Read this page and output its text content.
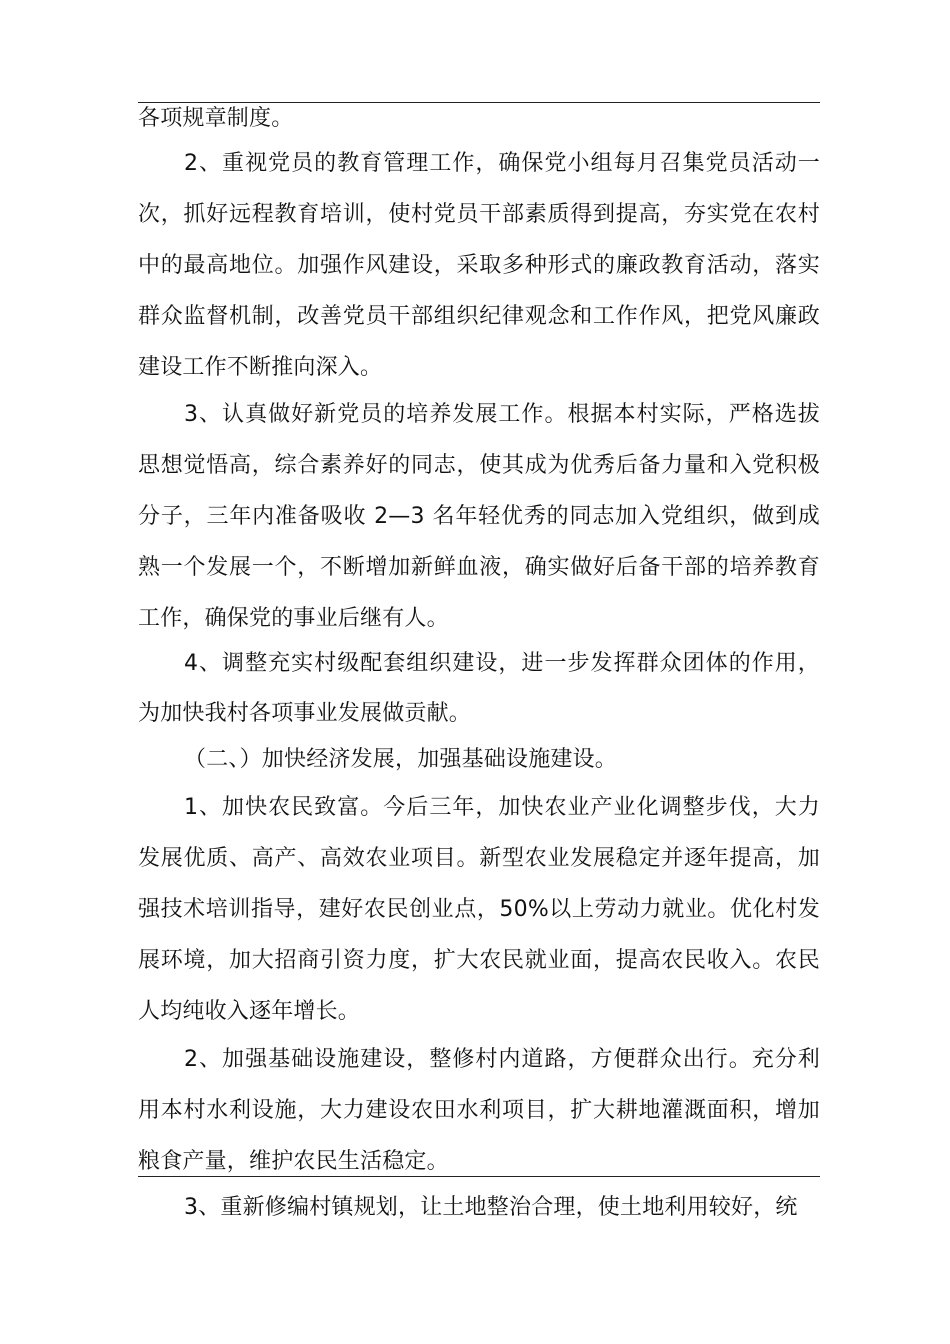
各项规章制度。
2、重视党员的教育管理工作，确保党小组每月召集党员活动一
次，抓好远程教育培训，使村党员干部素质得到提高，夯实党在农村
中的最高地位。加强作风建设，采取多种形式的廉政教育活动，落实
群众监督机制，改善党员干部组织纪律观念和工作作风，把党风廉政
建设工作不断推向深入。
3、认真做好新党员的培养发展工作。根据本村实际，严格选拔
思想觉悟高，综合素养好的同志，使其成为优秀后备力量和入党积极
分子，三年内准备吸收 2—3 名年轻优秀的同志加入党组织，做到成
熟一个发展一个，不断增加新鲜血液，确实做好后备干部的培养教育
工作，确保党的事业后继有人。
4、调整充实村级配套组织建设，进一步发挥群众团体的作用，
为加快我村各项事业发展做贡献。
（二、）加快经济发展，加强基础设施建设。
1、加快农民致富。今后三年，加快农业产业化调整步伐，大力
发展优质、高产、高效农业项目。新型农业发展稳定并逐年提高，加
强技术培训指导，建好农民创业点，50%以上劳动力就业。优化村发
展环境，加大招商引资力度，扩大农民就业面，提高农民收入。农民
人均纯收入逐年增长。
2、加强基础设施建设，整修村内道路，方便群众出行。充分利
用本村水利设施，大力建设农田水利项目，扩大耕地灌溉面积，增加
粮食产量，维护农民生活稳定。
3、重新修编村镇规划，让土地整治合理，使土地利用较好，统
